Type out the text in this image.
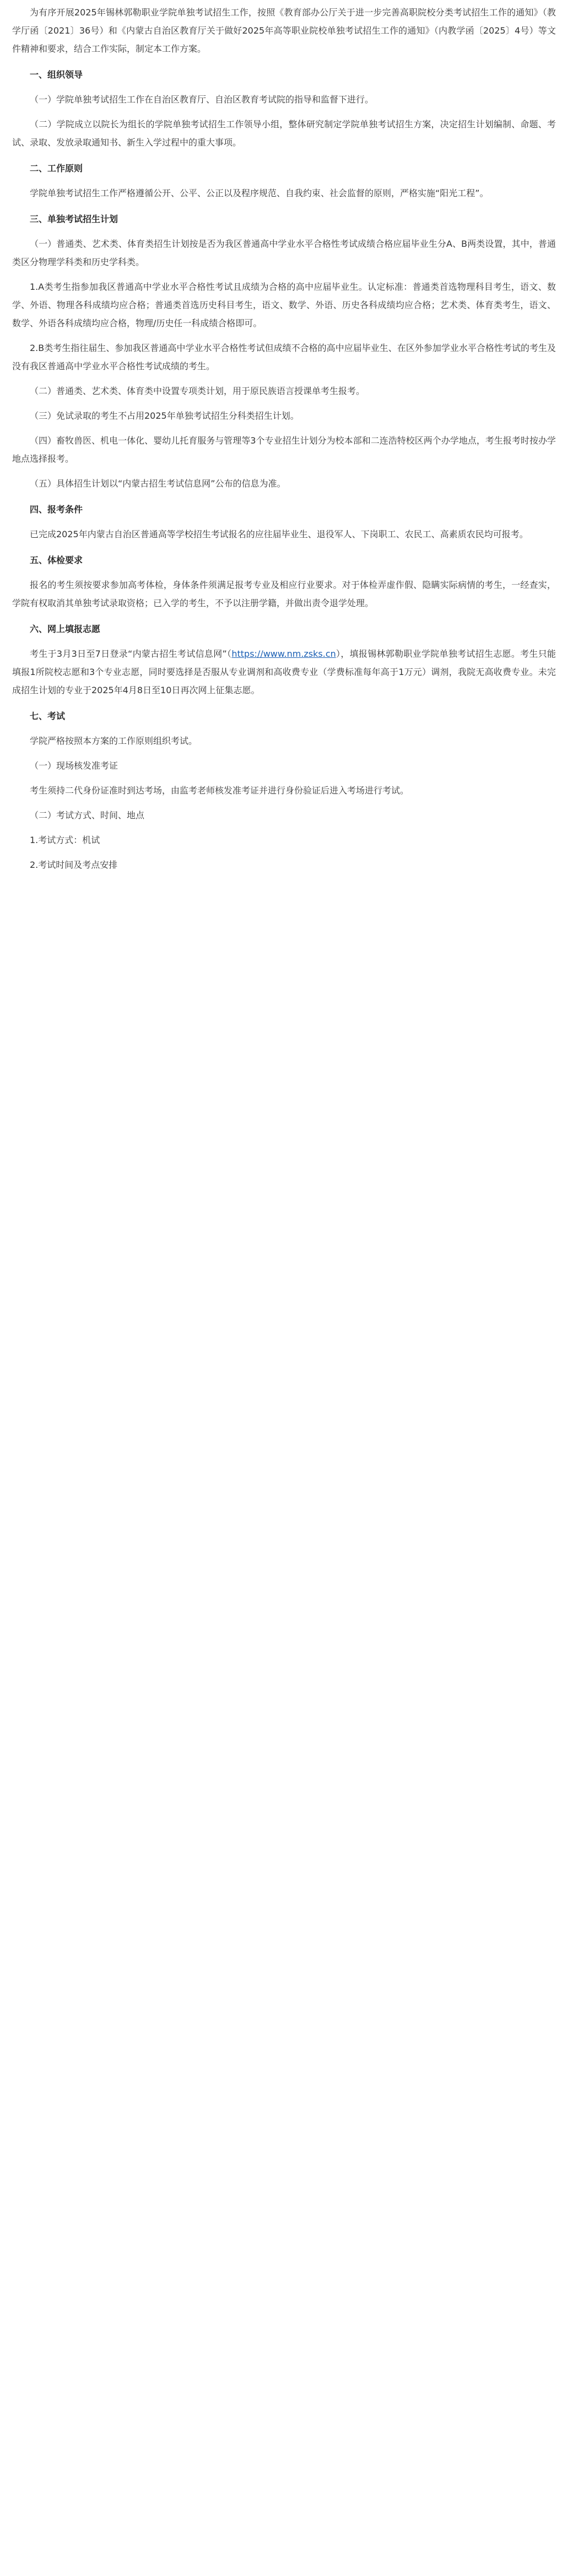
为有序开展2025年锡林郭勒职业学院单独考试招生工作，按照《教育部办公厅关于进一步完善高职院校分类考试招生工作的通知》（教学厅函〔2021〕36号）和《内蒙古自治区教育厅关于做好2025年高等职业院校单独考试招生工作的通知》（内教学函〔2025〕4号）等文件精神和要求，结合工作实际，制定本工作方案。

一、组织领导

（一）学院单独考试招生工作在自治区教育厅、自治区教育考试院的指导和监督下进行。

（二）学院成立以院长为组长的学院单独考试招生工作领导小组，整体研究制定学院单独考试招生方案，决定招生计划编制、命题、考试、录取、发放录取通知书、新生入学过程中的重大事项。

二、工作原则

学院单独考试招生工作严格遵循公开、公平、公正以及程序规范、自我约束、社会监督的原则，严格实施“阳光工程”。

三、单独考试招生计划

（一）普通类、艺术类、体育类招生计划按是否为我区普通高中学业水平合格性考试成绩合格应届毕业生分A、B两类设置，其中，普通类区分物理学科类和历史学科类。

1.A类考生指参加我区普通高中学业水平合格性考试且成绩为合格的高中应届毕业生。认定标准：普通类首选物理科目考生，语文、数学、外语、物理各科成绩均应合格；普通类首选历史科目考生，语文、数学、外语、历史各科成绩均应合格；艺术类、体育类考生，语文、数学、外语各科成绩均应合格，物理/历史任一科成绩合格即可。

2.B类考生指往届生、参加我区普通高中学业水平合格性考试但成绩不合格的高中应届毕业生、在区外参加学业水平合格性考试的考生及没有我区普通高中学业水平合格性考试成绩的考生。

（二）普通类、艺术类、体育类中设置专项类计划，用于原民族语言授课单考生报考。

（三）免试录取的考生不占用2025年单独考试招生分科类招生计划。

（四）畜牧兽医、机电一体化、婴幼儿托育服务与管理等3个专业招生计划分为校本部和二连浩特校区两个办学地点，考生报考时按办学地点选择报考。

（五）具体招生计划以“内蒙古招生考试信息网”公布的信息为准。

四、报考条件

已完成2025年内蒙古自治区普通高等学校招生考试报名的应往届毕业生、退役军人、下岗职工、农民工、高素质农民均可报考。

五、体检要求

报名的考生须按要求参加高考体检，身体条件须满足报考专业及相应行业要求。对于体检弄虚作假、隐瞒实际病情的考生，一经查实，学院有权取消其单独考试录取资格；已入学的考生，不予以注册学籍，并做出责令退学处理。

六、网上填报志愿

考生于3月3日至7日登录“内蒙古招生考试信息网”（https://www.nm.zsks.cn），填报锡林郭勒职业学院单独考试招生志愿。考生只能填报1所院校志愿和3个专业志愿，同时要选择是否服从专业调剂和高收费专业（学费标准每年高于1万元）调剂，我院无高收费专业。未完成招生计划的专业于2025年4月8日至10日再次网上征集志愿。

七、考试

学院严格按照本方案的工作原则组织考试。

（一）现场核发准考证

考生须持二代身份证准时到达考场，由监考老师核发准考证并进行身份验证后进入考场进行考试。

（二）考试方式、时间、地点
1.考试方式：机试
2.考试时间及考点安排
